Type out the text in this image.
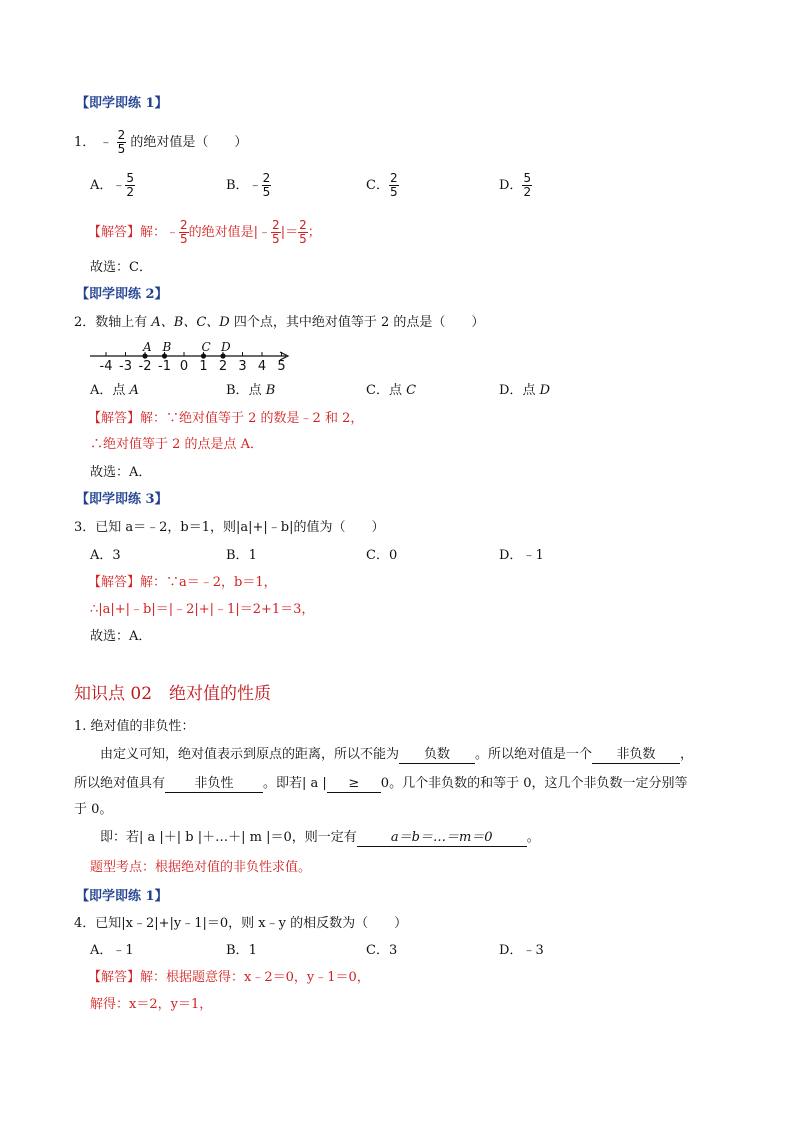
【即学即练 1】
1． ﹣ $\frac{2}{5}$ 的绝对值是（　　）
A．﹣ $\frac{5}{2}$	B．﹣ $\frac{2}{5}$	C． $\frac{2}{5}$	D． $\frac{5}{2}$
【解答】解：﹣ $\frac{2}{5}$ 的绝对值是|﹣ $\frac{2}{5}$ |＝ $\frac{2}{5}$ ；
故选：C．
【即学即练 2】
2．数轴上有 A、B、C、D 四个点，其中绝对值等于 2 的点是（　　）
A B	C D
-4 -3 -2 -1 0 1 2 3 4 5
A．点 A	B．点 B	C．点 C	D．点 D
【解答】解：∵绝对值等于 2 的数是﹣2 和 2，
∴绝对值等于 2 的点是点 A．
故选：A．
【即学即练 3】
3．已知 a＝﹣2，b＝1，则|a|+|﹣b|的值为（　　）
A．3	B．1	C．0	D．﹣1
【解答】解：∵a＝﹣2，b＝1，
∴|a|+|﹣b|＝|﹣2|+|﹣1|＝2+1＝3，
故选：A．
知识点 02　绝对值的性质
1. 绝对值的非负性：
由定义可知，绝对值表示到原点的距离，所以不能为 负数 。所以绝对值是一个 非负数 ，
所以绝对值具有 非负性 。即若| a | ≥ 0。几个非负数的和等于 0，这几个非负数一定分别等
于 0。
即：若| a |＋| b |＋…＋| m |＝0，则一定有	a＝b＝…＝m＝0	。
题型考点：根据绝对值的非负性求值。
【即学即练 1】
4．已知|x﹣2|+|y﹣1|＝0，则 x﹣y 的相反数为（　　）
A．﹣1	B．1	C．3	D．﹣3
【解答】解：根据题意得：x﹣2＝0，y﹣1＝0，
解得：x＝2，y＝1，
